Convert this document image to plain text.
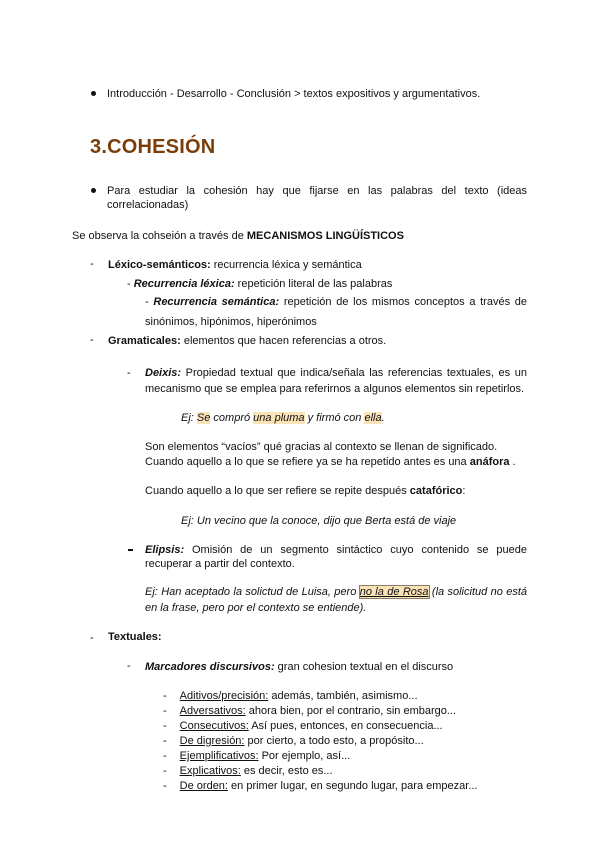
Introducción - Desarrollo - Conclusión > textos expositivos y argumentativos.
3.COHESIÓN
Para estudiar la cohesión hay que fijarse en las palabras del texto (ideas
correlacionadas)
Se observa la cohsеión a través de MECANISMOS LINGÜÍSTICOS
- Léxico-semánticos: recurrencia léxica y semántica
- Recurrencia léxica: repetición literal de las palabras
- Recurrencia semántica: repetición de los mismos conceptos a través de
sinónimos, hipónimos, hiperónimos
- Gramaticales: elementos que hacen referencias a otros.
- Deixis: Propiedad textual que indica/señala las referencias textuales, es un
mecanismo que se emplea para referirnos a algunos elementos sin repetirlos.
Ej: Se compró una pluma y firmó con ella.
Son elementos “vacíos” qué gracias al contexto se llenan de significado.
Cuando aquello a lo que se refiere ya se ha repetido antes es una anáfora .
Cuando aquello a lo que ser refiere se repite después catafórico:
Ej: Un vecino que la conoce, dijo que Berta está de viaje
Elipsis: Omisión de un segmento sintáctico cuyo contenido se puede
recuperar a partir del contexto.
Ej: Han aceptado la solictud de Luisa, pero no la de Rosa (la solicitud no está
en la frase, pero por el contexto se entiende).
- Textuales:
- Marcadores discursivos: gran cohesion textual en el discurso
- Aditivos/precisión: además, también, asimismo...
- Adversativos: ahora bien, por el contrario, sin embargo...
- Consecutivos: Así pues, entonces, en consecuencia...
- De digresión: por cierto, a todo esto, a propósito...
- Ejemplificativos: Por ejemplo, así...
- Explicativos: es decir, esto es...
- De orden: en primer lugar, en segundo lugar, para empezar...
